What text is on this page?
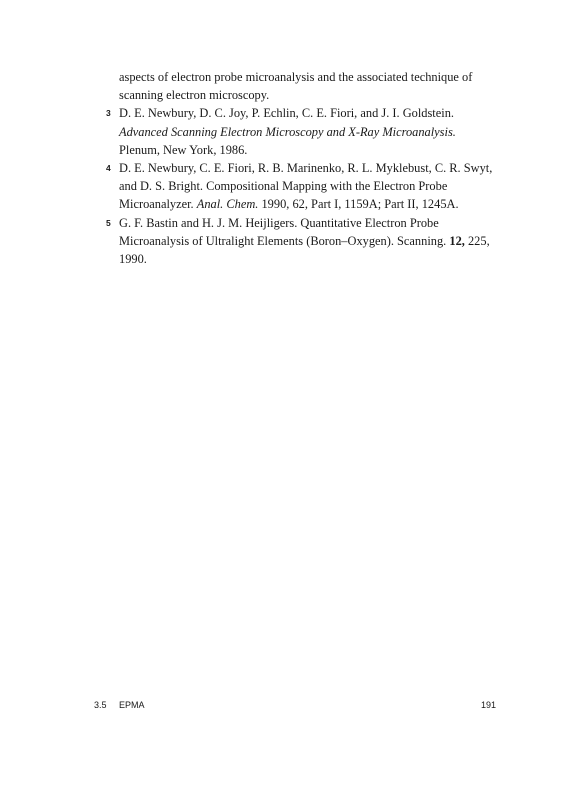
aspects of electron probe microanalysis and the associated technique of scanning electron microscopy.
3 D. E. Newbury, D. C. Joy, P. Echlin, C. E. Fiori, and J. I. Goldstein. Advanced Scanning Electron Microscopy and X-Ray Microanalysis. Plenum, New York, 1986.
4 D. E. Newbury, C. E. Fiori, R. B. Marinenko, R. L. Myklebust, C. R. Swyt, and D. S. Bright. Compositional Mapping with the Electron Probe Microanalyzer. Anal. Chem. 1990, 62, Part I, 1159A; Part II, 1245A.
5 G. F. Bastin and H. J. M. Heijligers. Quantitative Electron Probe Microanalysis of Ultralight Elements (Boron–Oxygen). Scanning. 12, 225, 1990.
3.5 EPMA	191
